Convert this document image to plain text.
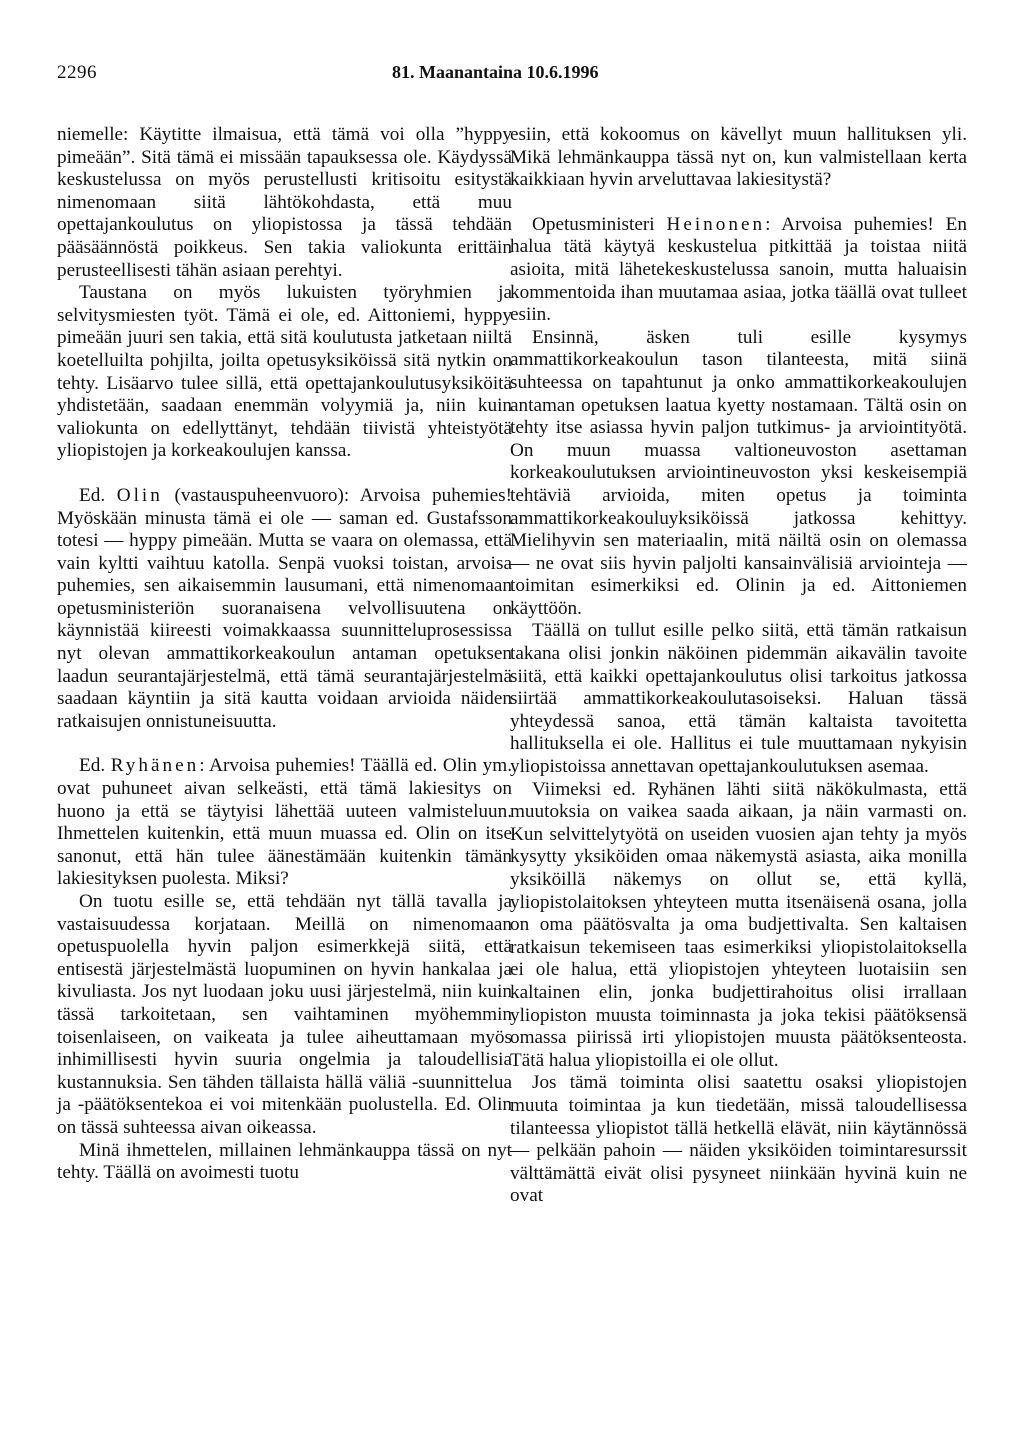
2296	81. Maanantaina 10.6.1996

niemelle: Käytitte ilmaisua, että tämä voi olla ”hyppy pimeään”. Sitä tämä ei missään tapauksessa ole. Käydyssä keskustelussa on myös perustellusti kritisoitu esitystä nimenomaan siitä lähtökohdasta, että muu opettajankoulutus on yliopistossa ja tässä tehdään pääsäännöstä poikkeus. Sen takia valiokunta erittäin perusteellisesti tähän asiaan perehtyi.

Taustana on myös lukuisten työryhmien ja selvitysmiesten työt. Tämä ei ole, ed. Aittoniemi, hyppy pimeään juuri sen takia, että sitä koulutusta jatketaan niiltä koetelluilta pohjilta, joilta opetusyksiköissä sitä nytkin on tehty. Lisäarvo tulee sillä, että opettajankoulutusyksiköitä yhdistetään, saadaan enemmän volyymiä ja, niin kuin valiokunta on edellyttänyt, tehdään tiivistä yhteistyötä yliopistojen ja korkeakoulujen kanssa.

Ed. Olin (vastauspuheenvuoro): Arvoisa puhemies! Myöskään minusta tämä ei ole — saman ed. Gustafsson totesi — hyppy pimeään. Mutta se vaara on olemassa, että vain kyltti vaihtuu katolla. Senpä vuoksi toistan, arvoisa puhemies, sen aikaisemmin lausumani, että nimenomaan opetusministeriön suoranaisena velvollisuutena on käynnistää kiireesti voimakkaassa suunnitteluprosessissa nyt olevan ammattikorkeakoulun antaman opetuksen laadun seurantajärjestelmä, että tämä seurantajärjestelmä saadaan käyntiin ja sitä kautta voidaan arvioida näiden ratkaisujen onnistuneisuutta.

Ed. Ryhänen: Arvoisa puhemies! Täällä ed. Olin ym. ovat puhuneet aivan selkeästi, että tämä lakiesitys on huono ja että se täytyisi lähettää uuteen valmisteluun. Ihmettelen kuitenkin, että muun muassa ed. Olin on itse sanonut, että hän tulee äänestämään kuitenkin tämän lakiesityksen puolesta. Miksi?

On tuotu esille se, että tehdään nyt tällä tavalla ja vastaisuudessa korjataan. Meillä on nimenomaan opetuspuolella hyvin paljon esimerkkejä siitä, että entisestä järjestelmästä luopuminen on hyvin hankalaa ja kivuliasta. Jos nyt luodaan joku uusi järjestelmä, niin kuin tässä tarkoitetaan, sen vaihtaminen myöhemmin toisenlaiseen, on vaikeata ja tulee aiheuttamaan myös inhimillisesti hyvin suuria ongelmia ja taloudellisia kustannuksia. Sen tähden tällaista hällä väliä -suunnittelua ja -päätöksentekoa ei voi mitenkään puolustella. Ed. Olin on tässä suhteessa aivan oikeassa.

Minä ihmettelen, millainen lehmänkauppa tässä on nyt tehty. Täällä on avoimesti tuotu

esiin, että kokoomus on kävellyt muun hallituksen yli. Mikä lehmänkauppa tässä nyt on, kun valmistellaan kerta kaikkiaan hyvin arveluttavaa lakiesitystä?

Opetusministeri Heinonen: Arvoisa puhemies! En halua tätä käytyä keskustelua pitkittää ja toistaa niitä asioita, mitä lähetekeskustelussa sanoin, mutta haluaisin kommentoida ihan muutamaa asiaa, jotka täällä ovat tulleet esiin.

Ensinnä, äsken tuli esille kysymys ammattikorkeakoulun tason tilanteesta, mitä siinä suhteessa on tapahtunut ja onko ammattikorkeakoulujen antaman opetuksen laatua kyetty nostamaan. Tältä osin on tehty itse asiassa hyvin paljon tutkimus- ja arviointityötä. On muun muassa valtioneuvoston asettaman korkeakoulutuksen arviointineuvoston yksi keskeisempiä tehtäviä arvioida, miten opetus ja toiminta ammattikorkeakouluyksiköissä jatkossa kehittyy. Mielihyvin sen materiaalin, mitä näiltä osin on olemassa — ne ovat siis hyvin paljolti kansainvälisiä arviointeja — toimitan esimerkiksi ed. Olinin ja ed. Aittoniemen käyttöön.

Täällä on tullut esille pelko siitä, että tämän ratkaisun takana olisi jonkin näköinen pidemmän aikavälin tavoite siitä, että kaikki opettajankoulutus olisi tarkoitus jatkossa siirtää ammattikorkeakoulutasoiseksi. Haluan tässä yhteydessä sanoa, että tämän kaltaista tavoitetta hallituksella ei ole. Hallitus ei tule muuttamaan nykyisin yliopistoissa annettavan opettajankoulutuksen asemaa.

Viimeksi ed. Ryhänen lähti siitä näkökulmasta, että muutoksia on vaikea saada aikaan, ja näin varmasti on. Kun selvittelytyötä on useiden vuosien ajan tehty ja myös kysytty yksiköiden omaa näkemystä asiasta, aika monilla yksiköillä näkemys on ollut se, että kyllä, yliopistolaitoksen yhteyteen mutta itsenäisenä osana, jolla on oma päätösvalta ja oma budjettivalta. Sen kaltaisen ratkaisun tekemiseen taas esimerkiksi yliopistolaitoksella ei ole halua, että yliopistojen yhteyteen luotaisiin sen kaltainen elin, jonka budjettirahoitus olisi irrallaan yliopiston muusta toiminnasta ja joka tekisi päätöksensä omassa piirissä irti yliopistojen muusta päätöksenteosta. Tätä halua yliopistoilla ei ole ollut.

Jos tämä toiminta olisi saatettu osaksi yliopistojen muuta toimintaa ja kun tiedetään, missä taloudellisessa tilanteessa yliopistot tällä hetkellä elävät, niin käytännössä — pelkään pahoin — näiden yksiköiden toimintaresurssit välttämättä eivät olisi pysyneet niinkään hyvinä kuin ne ovat
